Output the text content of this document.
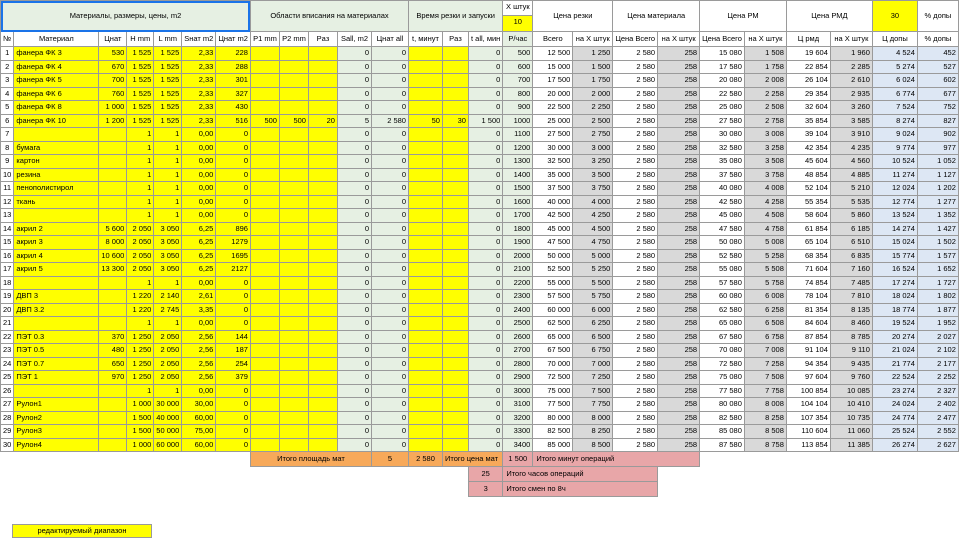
Материалы, размеры, цены, m2							Области вписания на материалах					Время резки и запуски			Х штук
10	Цена резки		Цена материала		Цена РМ		Цена РМД		30	% допы
№	Материал	Цнат	H mm	L mm	Sнат m2	Цнат m2	P1 mm	P2 mm	Рaз	Sall, m2	Цнат all	t, минут	Рaз	t all, мин	P/час	Всего	на Х штук	Цена Всего	на Х штук	Цена Всего	на Х штук	Ц рмд	на Х штук	Ц допы	% допы
1	фанера ФК 3	530	1 525	1 525	2,33	228				0	0			0	500	12 500	1 250	2 580	258	15 080	1 508	19 604	1 960	4 524	452
2	фанера ФК 4	670	1 525	1 525	2,33	288				0	0			0	600	15 000	1 500	2 580	258	17 580	1 758	22 854	2 285	5 274	527
3	фанера ФК 5	700	1 525	1 525	2,33	301				0	0			0	700	17 500	1 750	2 580	258	20 080	2 008	26 104	2 610	6 024	602
4	фанера ФК 6	760	1 525	1 525	2,33	327				0	0			0	800	20 000	2 000	2 580	258	22 580	2 258	29 354	2 935	6 774	677
5	фанера ФК 8	1 000	1 525	1 525	2,33	430				0	0			0	900	22 500	2 250	2 580	258	25 080	2 508	32 604	3 260	7 524	752
6	фанера ФК 10	1 200	1 525	1 525	2,33	516	500	500	20	5	2 580	50	30	1 500	1000	25 000	2 500	2 580	258	27 580	2 758	35 854	3 585	8 274	827
7			1	1	0,00	0				0	0			0	1100	27 500	2 750	2 580	258	30 080	3 008	39 104	3 910	9 024	902
8	бумага		1	1	0,00	0				0	0			0	1200	30 000	3 000	2 580	258	32 580	3 258	42 354	4 235	9 774	977
9	картон		1	1	0,00	0				0	0			0	1300	32 500	3 250	2 580	258	35 080	3 508	45 604	4 560	10 524	1 052
10	резина		1	1	0,00	0				0	0			0	1400	35 000	3 500	2 580	258	37 580	3 758	48 854	4 885	11 274	1 127
11	пенополистирол		1	1	0,00	0				0	0			0	1500	37 500	3 750	2 580	258	40 080	4 008	52 104	5 210	12 024	1 202
12	ткань		1	1	0,00	0				0	0			0	1600	40 000	4 000	2 580	258	42 580	4 258	55 354	5 535	12 774	1 277
13			1	1	0,00	0				0	0			0	1700	42 500	4 250	2 580	258	45 080	4 508	58 604	5 860	13 524	1 352
14	акрил 2	5 600	2 050	3 050	6,25	896				0	0			0	1800	45 000	4 500	2 580	258	47 580	4 758	61 854	6 185	14 274	1 427
15	акрил 3	8 000	2 050	3 050	6,25	1279				0	0			0	1900	47 500	4 750	2 580	258	50 080	5 008	65 104	6 510	15 024	1 502
16	акрил 4	10 600	2 050	3 050	6,25	1695				0	0			0	2000	50 000	5 000	2 580	258	52 580	5 258	68 354	6 835	15 774	1 577
17	акрил 5	13 300	2 050	3 050	6,25	2127				0	0			0	2100	52 500	5 250	2 580	258	55 080	5 508	71 604	7 160	16 524	1 652
18			1	1	0,00	0				0	0			0	2200	55 000	5 500	2 580	258	57 580	5 758	74 854	7 485	17 274	1 727
19	ДВП 3		1 220	2 140	2,61	0				0	0			0	2300	57 500	5 750	2 580	258	60 080	6 008	78 104	7 810	18 024	1 802
20	ДВП 3.2		1 220	2 745	3,35	0				0	0			0	2400	60 000	6 000	2 580	258	62 580	6 258	81 354	8 135	18 774	1 877
21			1	1	0,00	0				0	0			0	2500	62 500	6 250	2 580	258	65 080	6 508	84 604	8 460	19 524	1 952
22	ПЭТ 0.3	370	1 250	2 050	2,56	144				0	0			0	2600	65 000	6 500	2 580	258	67 580	6 758	87 854	8 785	20 274	2 027
23	ПЭТ 0.5	480	1 250	2 050	2,56	187				0	0			0	2700	67 500	6 750	2 580	258	70 080	7 008	91 104	9 110	21 024	2 102
24	ПЭТ 0.7	650	1 250	2 050	2,56	254				0	0			0	2800	70 000	7 000	2 580	258	72 580	7 258	94 354	9 435	21 774	2 177
25	ПЭТ 1	970	1 250	2 050	2,56	379				0	0			0	2900	72 500	7 250	2 580	258	75 080	7 508	97 604	9 760	22 524	2 252
26			1	1	0,00	0				0	0			0	3000	75 000	7 500	2 580	258	77 580	7 758	100 854	10 085	23 274	2 327
27	Рулон1		1 000	30 000	30,00	0				0	0			0	3100	77 500	7 750	2 580	258	80 080	8 008	104 104	10 410	24 024	2 402
28	Рулон2		1 500	40 000	60,00	0				0	0			0	3200	80 000	8 000	2 580	258	82 580	8 258	107 354	10 735	24 774	2 477
29	Рулон3		1 500	50 000	75,00	0				0	0			0	3300	82 500	8 250	2 580	258	85 080	8 508	110 604	11 060	25 524	2 552
30	Рулон4		1 000	60 000	60,00	0				0	0			0	3400	85 000	8 500	2 580	258	87 580	8 758	113 854	11 385	26 274	2 627
							Итого площадь мат				5	2 580	Итого цена мат		1 500	Итого минут операций									
														25	Итого часов операций										
														3	Итого смен по 8ч										
редактируемый диапазон
